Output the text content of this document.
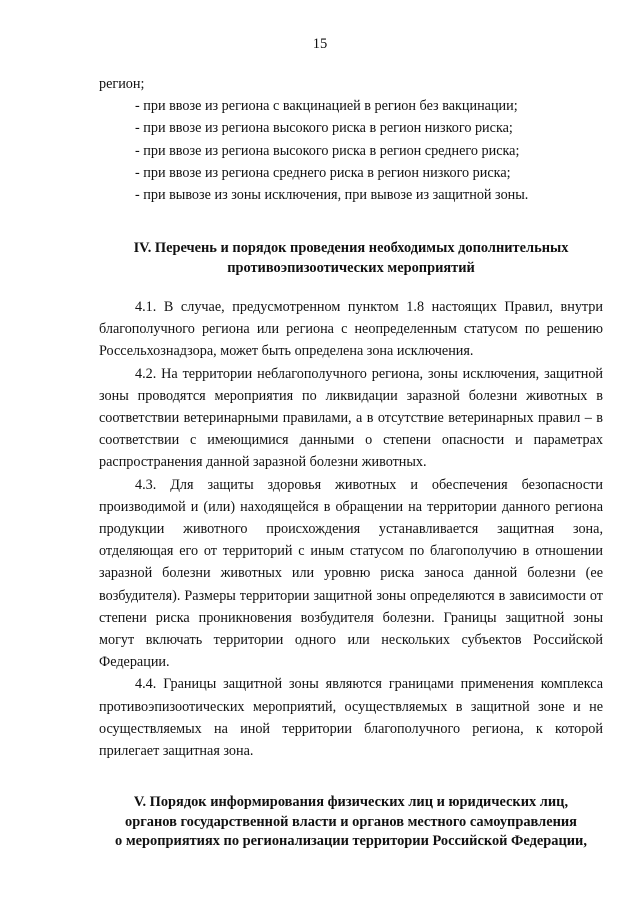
15
регион;
- при ввозе из региона с вакцинацией в регион без вакцинации;
- при ввозе из региона высокого риска в регион низкого риска;
- при ввозе из региона высокого риска в регион среднего риска;
- при ввозе из региона среднего риска в регион низкого риска;
- при вывозе из зоны исключения, при вывозе из защитной зоны.
IV. Перечень и порядок проведения необходимых дополнительных
противоэпизоотических мероприятий

4.1. В случае, предусмотренном пунктом 1.8 настоящих Правил, внутри благополучного региона или региона с неопределенным статусом по решению Россельхознадзора, может быть определена зона исключения.

4.2. На территории неблагополучного региона, зоны исключения, защитной зоны проводятся мероприятия по ликвидации заразной болезни животных в соответствии ветеринарными правилами, а в отсутствие ветеринарных правил – в соответствии с имеющимися данными о степени опасности и параметрах распространения данной заразной болезни животных.

4.3. Для защиты здоровья животных и обеспечения безопасности производимой и (или) находящейся в обращении на территории данного региона продукции животного происхождения устанавливается защитная зона, отделяющая его от территорий с иным статусом по благополучию в отношении заразной болезни животных или уровню риска заноса данной болезни (ее возбудителя). Размеры территории защитной зоны определяются в зависимости от степени риска проникновения возбудителя болезни. Границы защитной зоны могут включать территории одного или нескольких субъектов Российской Федерации.

4.4. Границы защитной зоны являются границами применения комплекса противоэпизоотических мероприятий, осуществляемых в защитной зоне и не осуществляемых на иной территории благополучного региона, к которой прилегает защитная зона.

V. Порядок информирования физических лиц и юридических лиц,
органов государственной власти и органов местного самоуправления
о мероприятиях по регионализации территории Российской Федерации,
